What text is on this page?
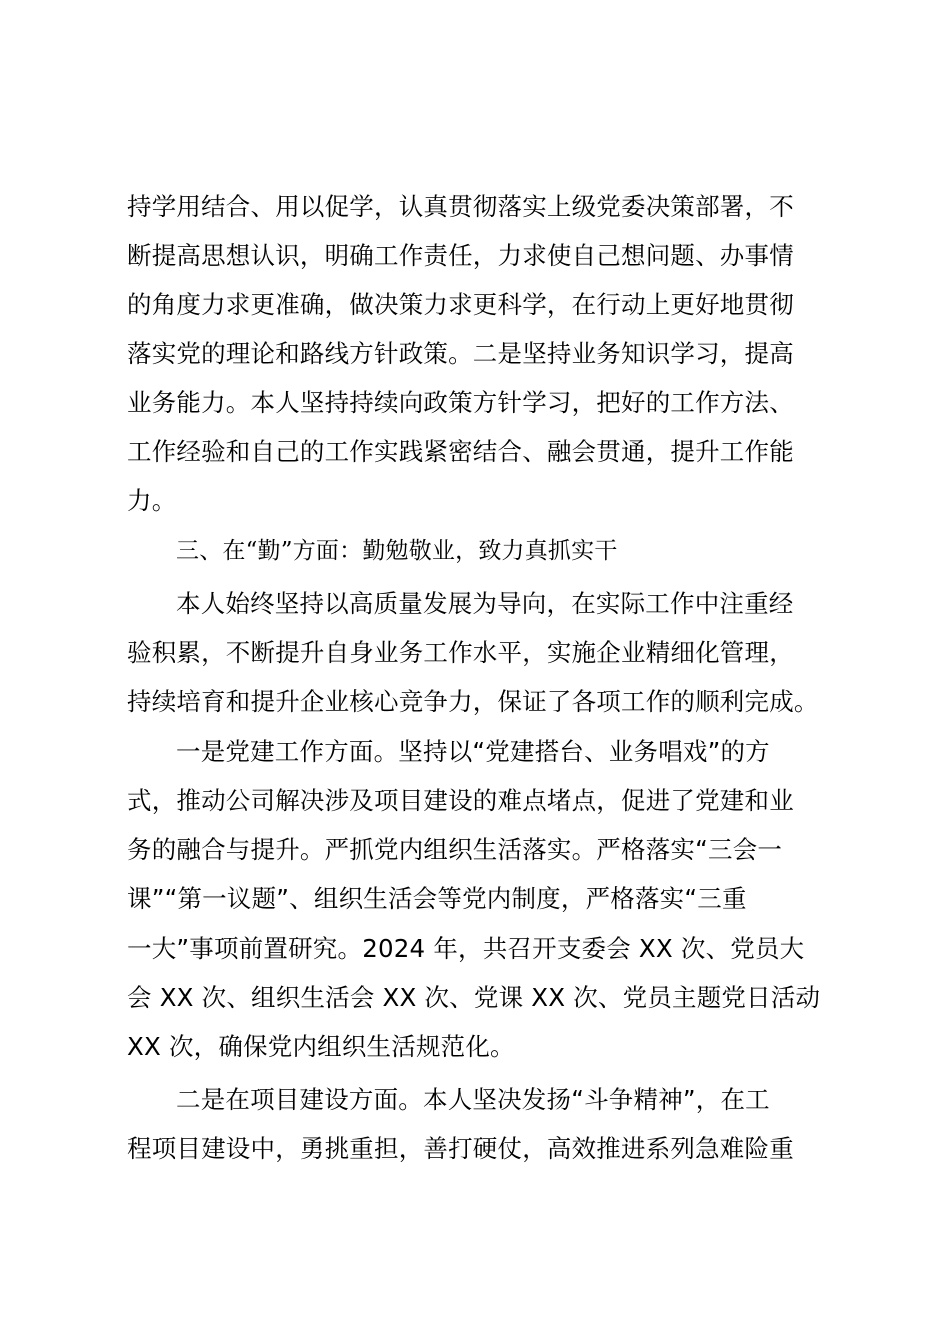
持学用结合、用以促学，认真贯彻落实上级党委决策部署，不
断提高思想认识，明确工作责任，力求使自己想问题、办事情
的角度力求更准确，做决策力求更科学，在行动上更好地贯彻
落实党的理论和路线方针政策。二是坚持业务知识学习，提高
业务能力。本人坚持持续向政策方针学习，把好的工作方法、
工作经验和自己的工作实践紧密结合、融会贯通，提升工作能
力。
三、在“勤”方面：勤勉敬业，致力真抓实干
本人始终坚持以高质量发展为导向，在实际工作中注重经
验积累，不断提升自身业务工作水平，实施企业精细化管理，
持续培育和提升企业核心竞争力，保证了各项工作的顺利完成。
一是党建工作方面。坚持以“党建搭台、业务唱戏”的方
式，推动公司解决涉及项目建设的难点堵点，促进了党建和业
务的融合与提升。严抓党内组织生活落实。严格落实“三会一
课”“第一议题”、组织生活会等党内制度，严格落实“三重
一大”事项前置研究。2024 年，共召开支委会 XX 次、党员大
会 XX 次、组织生活会 XX 次、党课 XX 次、党员主题党日活动
XX 次，确保党内组织生活规范化。
二是在项目建设方面。本人坚决发扬“斗争精神”，在工
程项目建设中，勇挑重担，善打硬仗，高效推进系列急难险重
